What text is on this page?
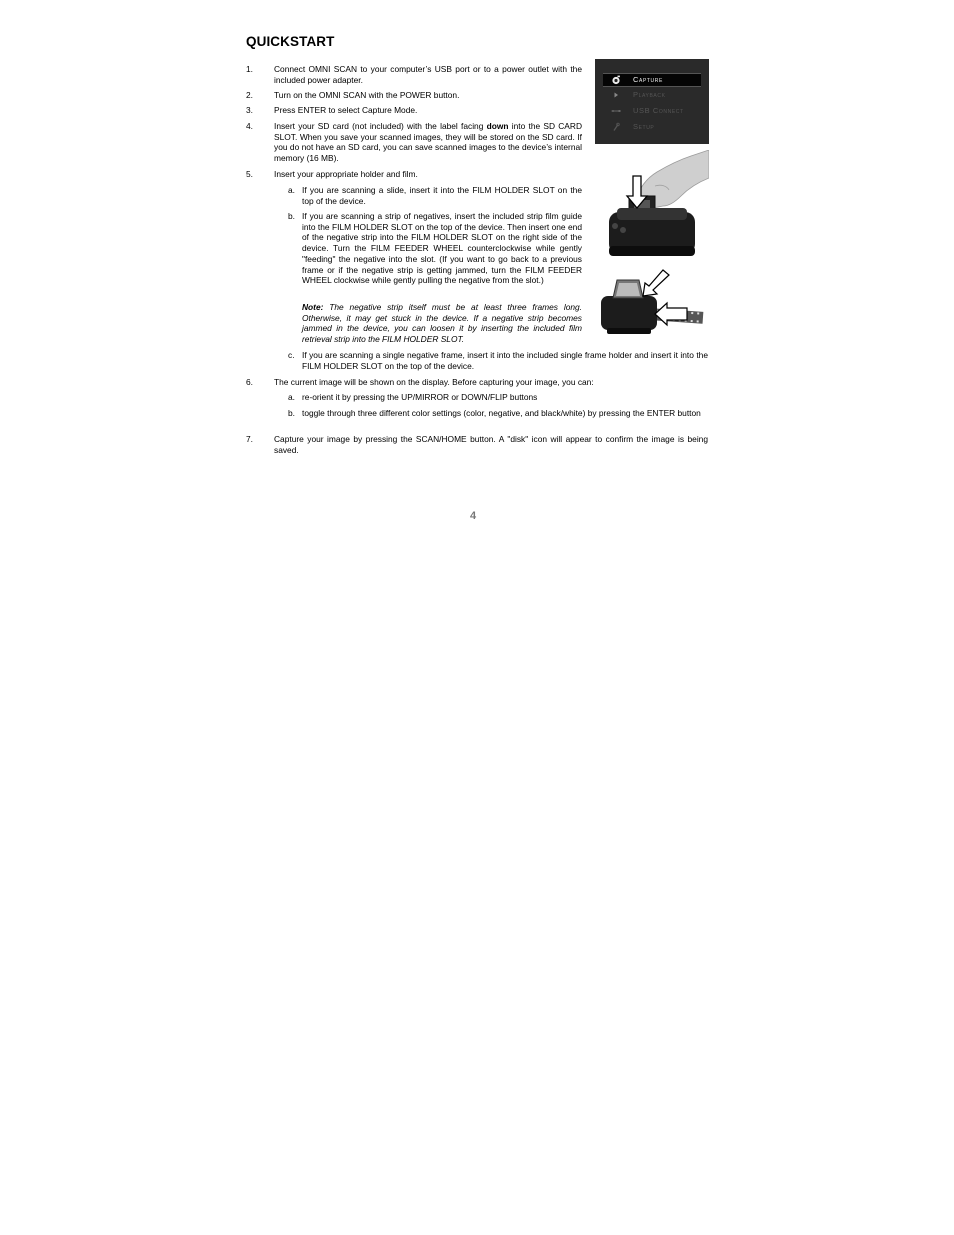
QUICKSTART
1.	Connect OMNI SCAN to your computer’s USB port or to a power outlet with the included power adapter.
2.	Turn on the OMNI SCAN with the POWER button.
3.	Press ENTER to select Capture Mode.
4.	Insert your SD card (not included) with the label facing down into the SD CARD SLOT. When you save your scanned images, they will be stored on the SD card. If you do not have an SD card, you can save scanned images to the device’s internal memory (16 MB).
5.	Insert your appropriate holder and film.
a. If you are scanning a slide, insert it into the FILM HOLDER SLOT on the top of the device.
b. If you are scanning a strip of negatives, insert the included strip film guide into the FILM HOLDER SLOT on the top of the device. Then insert one end of the negative strip into the FILM HOLDER SLOT on the right side of the device. Turn the FILM FEEDER WHEEL counterclockwise while gently "feeding" the negative into the slot. (If you want to go back to a previous frame or if the negative strip is getting jammed, turn the FILM FEEDER WHEEL clockwise while gently pulling the negative from the slot.)
Note: The negative strip itself must be at least three frames long. Otherwise, it may get stuck in the device. If a negative strip becomes jammed in the device, you can loosen it by inserting the included film retrieval strip into the FILM HOLDER SLOT.
c. If you are scanning a single negative frame, insert it into the included single frame holder and insert it into the FILM HOLDER SLOT on the top of the device.
6.	The current image will be shown on the display. Before capturing your image, you can:
a. re-orient it by pressing the UP/MIRROR or DOWN/FLIP buttons
b. toggle through three different color settings (color, negative, and black/white) by pressing the ENTER button
7.	Capture your image by pressing the SCAN/HOME button. A "disk" icon will appear to confirm the image is being saved.
Capture
Playback
USB Connect
Setup
4
